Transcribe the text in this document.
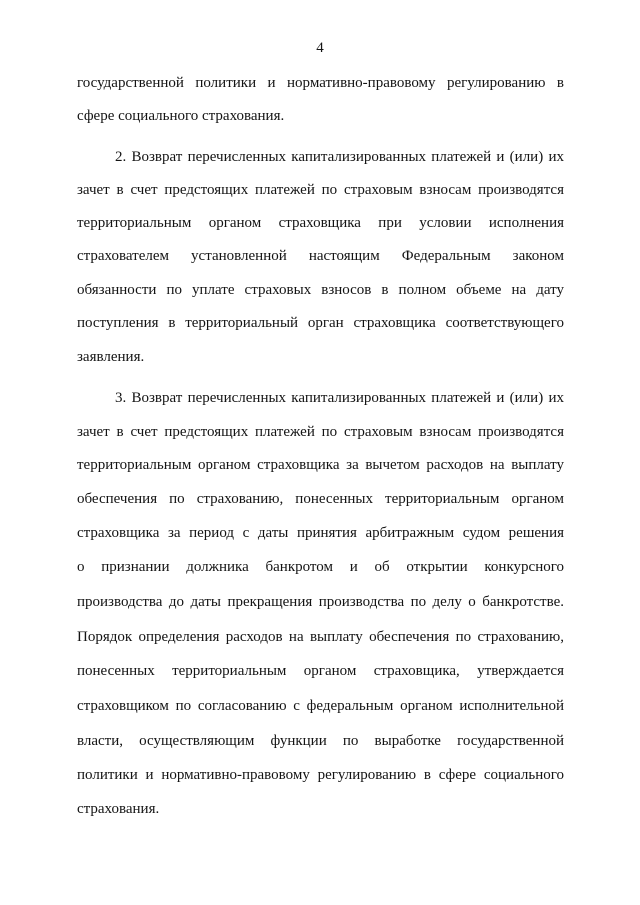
4
государственной политики и нормативно-правовому регулированию в
сфере социального страхования.
2. Возврат перечисленных капитализированных платежей и (или) их
зачет в счет предстоящих платежей по страховым взносам производятся
территориальным органом страховщика при условии исполнения
страхователем установленной настоящим Федеральным законом
обязанности по уплате страховых взносов в полном объеме на дату
поступления в территориальный орган страховщика соответствующего
заявления.
3. Возврат перечисленных капитализированных платежей и (или) их
зачет в счет предстоящих платежей по страховым взносам производятся
территориальным органом страховщика за вычетом расходов на выплату
обеспечения по страхованию, понесенных территориальным органом
страховщика за период с даты принятия арбитражным судом решения
о признании должника банкротом и об открытии конкурсного
производства до даты прекращения производства по делу о банкротстве.
Порядок определения расходов на выплату обеспечения по страхованию,
понесенных территориальным органом страховщика, утверждается
страховщиком по согласованию с федеральным органом исполнительной
власти, осуществляющим функции по выработке государственной
политики и нормативно-правовому регулированию в сфере социального
страхования.
